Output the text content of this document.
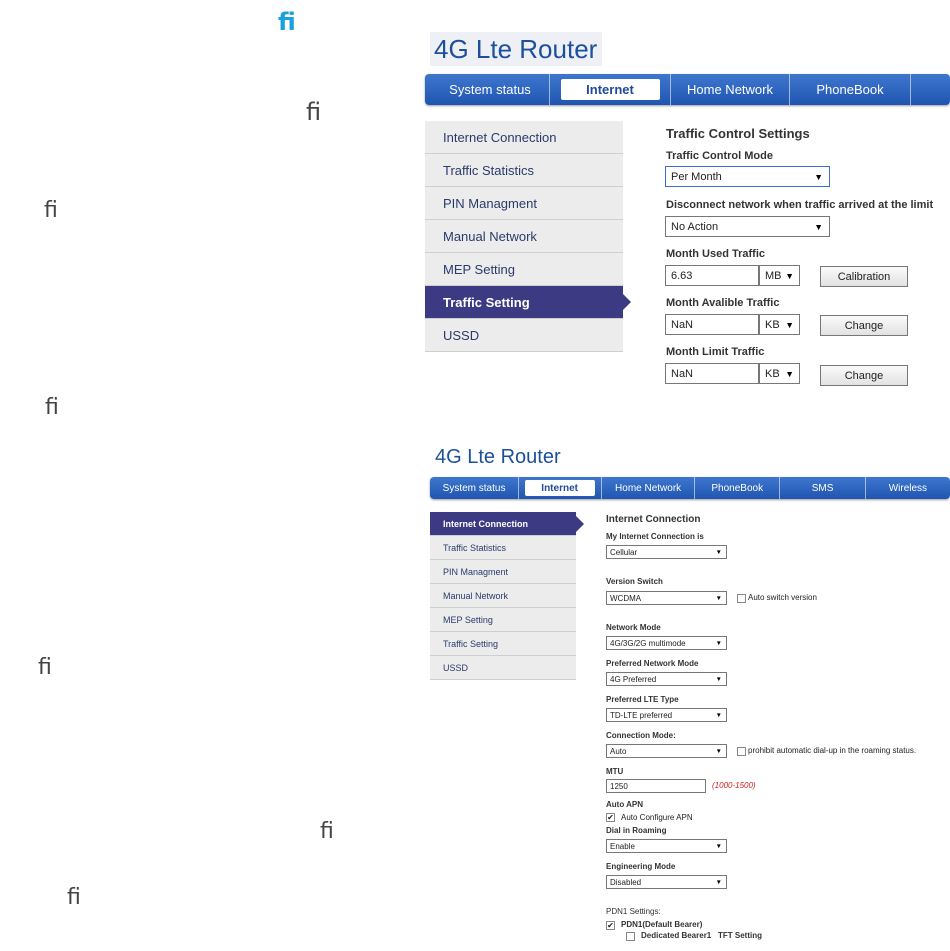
ﬁ
ﬁ
ﬁ
ﬁ
ﬁ
ﬁ
ﬁ
4G Lte Router
System status	Internet	Home Network	PhoneBook
Internet Connection
Traffic Statistics
PIN Managment
Manual Network
MEP Setting
Traffic Setting
USSD
Traffic Control Settings
Traffic Control Mode
Per Month	▼
Disconnect network when traffic arrived at the limit
No Action	▼
Month Used Traffic
6.63	MB ▼	Calibration
Month Avalible Traffic
NaN	KB ▼	Change
Month Limit Traffic
NaN	KB ▼	Change
4G Lte Router
System status	Internet	Home Network	PhoneBook	SMS	Wireless
Internet Connection
Traffic Statistics
PIN Managment
Manual Network
MEP Setting
Traffic Setting
USSD
Internet Connection
My Internet Connection is
Cellular	▼
Version Switch
WCDMA	▼	Auto switch version
Network Mode
4G/3G/2G multimode	▼
Preferred Network Mode
4G Preferred	▼
Preferred LTE Type
TD-LTE preferred	▼
Connection Mode:
Auto	▼	prohibit automatic dial-up in the roaming status.
MTU
1250	(1000-1500)
Auto APN
✔ Auto Configure APN
Dial in Roaming
Enable	▼
Engineering Mode
Disabled	▼
PDN1 Settings:
✔ PDN1(Default Bearer)
Dedicated Bearer1 TFT Setting
